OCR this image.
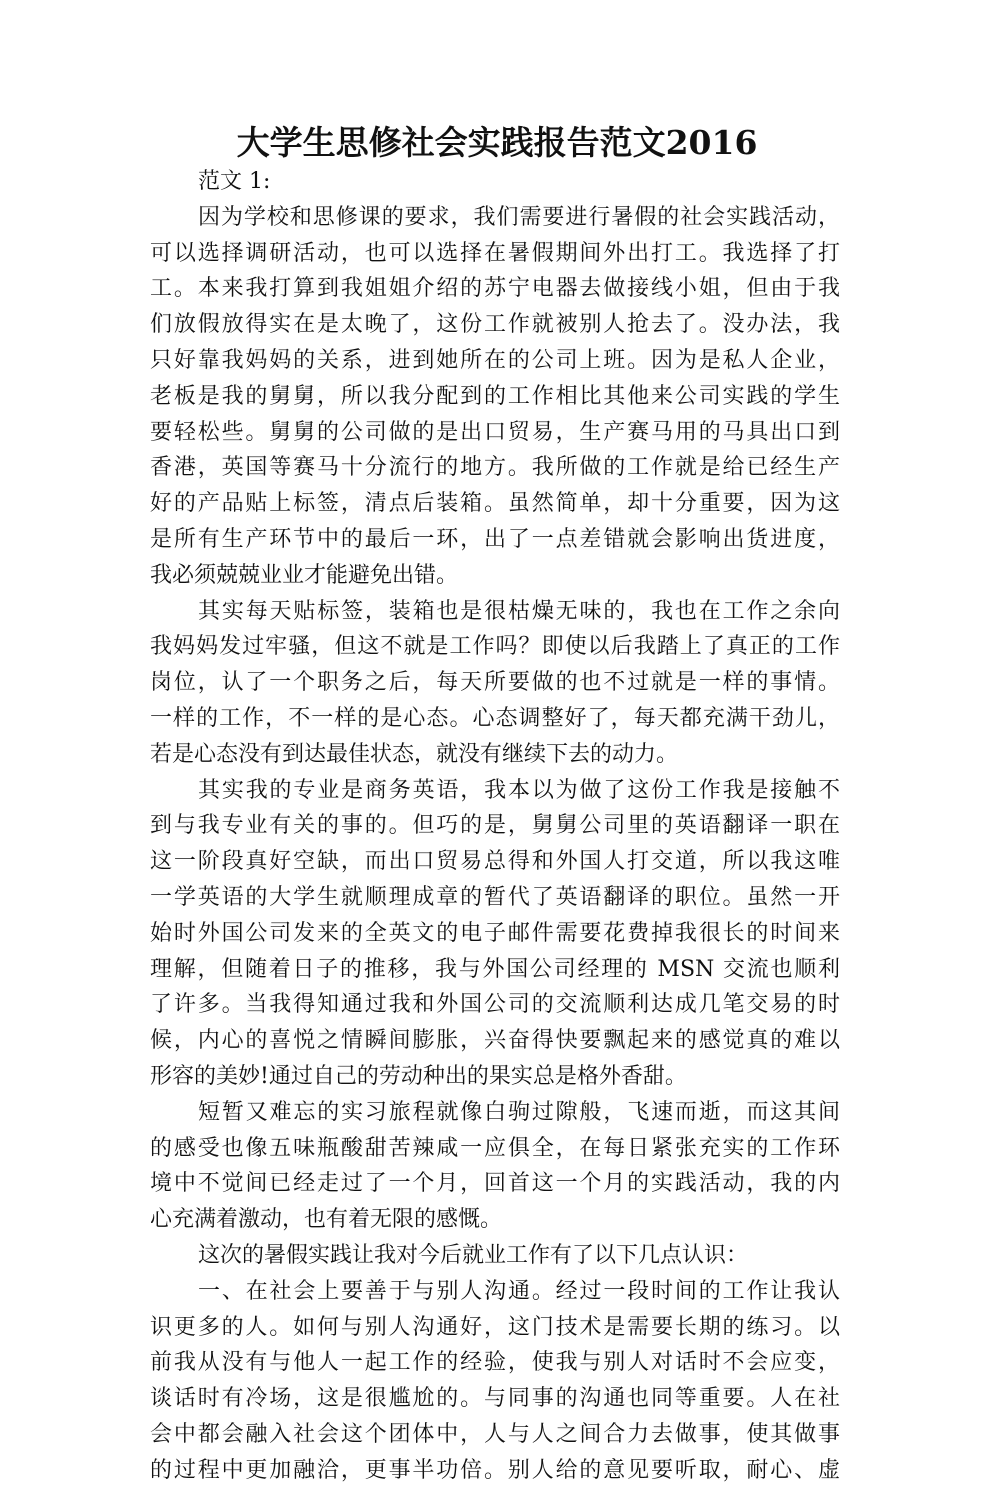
大学生思修社会实践报告范文2016
范文 1:
因为学校和思修课的要求，我们需要进行暑假的社会实践活动，
可以选择调研活动，也可以选择在暑假期间外出打工。我选择了打
工。本来我打算到我姐姐介绍的苏宁电器去做接线小姐，但由于我
们放假放得实在是太晚了，这份工作就被别人抢去了。没办法，我
只好靠我妈妈的关系，进到她所在的公司上班。因为是私人企业，
老板是我的舅舅，所以我分配到的工作相比其他来公司实践的学生
要轻松些。舅舅的公司做的是出口贸易，生产赛马用的马具出口到
香港，英国等赛马十分流行的地方。我所做的工作就是给已经生产
好的产品贴上标签，清点后装箱。虽然简单，却十分重要，因为这
是所有生产环节中的最后一环，出了一点差错就会影响出货进度，
我必须兢兢业业才能避免出错。
其实每天贴标签，装箱也是很枯燥无味的，我也在工作之余向
我妈妈发过牢骚，但这不就是工作吗？即使以后我踏上了真正的工作
岗位，认了一个职务之后，每天所要做的也不过就是一样的事情。
一样的工作，不一样的是心态。心态调整好了，每天都充满干劲儿，
若是心态没有到达最佳状态，就没有继续下去的动力。
其实我的专业是商务英语，我本以为做了这份工作我是接触不
到与我专业有关的事的。但巧的是，舅舅公司里的英语翻译一职在
这一阶段真好空缺，而出口贸易总得和外国人打交道，所以我这唯
一学英语的大学生就顺理成章的暂代了英语翻译的职位。虽然一开
始时外国公司发来的全英文的电子邮件需要花费掉我很长的时间来
理解，但随着日子的推移，我与外国公司经理的 MSN 交流也顺利
了许多。当我得知通过我和外国公司的交流顺利达成几笔交易的时
候，内心的喜悦之情瞬间膨胀，兴奋得快要飘起来的感觉真的难以
形容的美妙!通过自己的劳动种出的果实总是格外香甜。
短暂又难忘的实习旅程就像白驹过隙般，飞速而逝，而这其间
的感受也像五味瓶酸甜苦辣咸一应俱全，在每日紧张充实的工作环
境中不觉间已经走过了一个月，回首这一个月的实践活动，我的内
心充满着激动，也有着无限的感慨。
这次的暑假实践让我对今后就业工作有了以下几点认识：
一、在社会上要善于与别人沟通。经过一段时间的工作让我认
识更多的人。如何与别人沟通好，这门技术是需要长期的练习。以
前我从没有与他人一起工作的经验，使我与别人对话时不会应变，
谈话时有冷场，这是很尴尬的。与同事的沟通也同等重要。人在社
会中都会融入社会这个团体中，人与人之间合力去做事，使其做事
的过程中更加融洽，更事半功倍。别人给的意见要听取，耐心、虚
